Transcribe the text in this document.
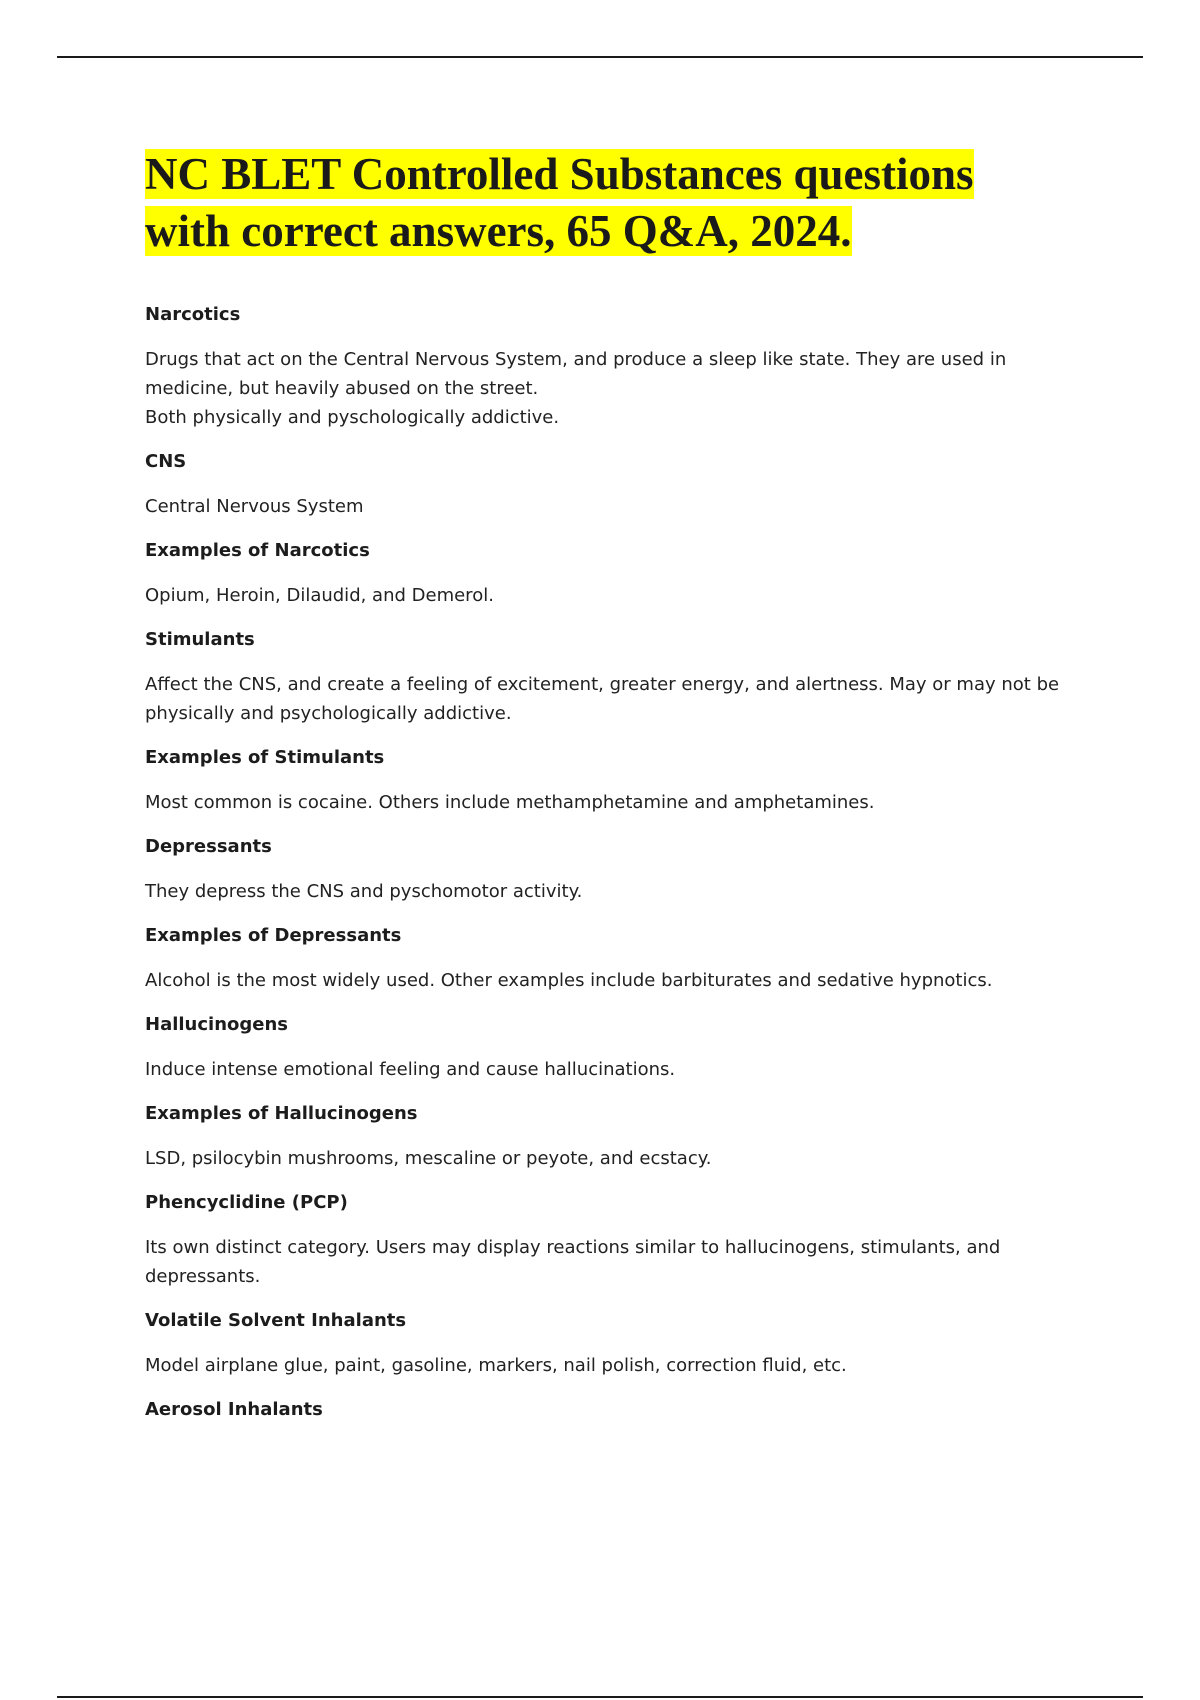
NC BLET Controlled Substances questions
with correct answers, 65 Q&A, 2024.

Narcotics

Drugs that act on the Central Nervous System, and produce a sleep like state. They are used in medicine, but heavily abused on the street.
Both physically and pyschologically addictive.

CNS

Central Nervous System

Examples of Narcotics

Opium, Heroin, Dilaudid, and Demerol.

Stimulants

Affect the CNS, and create a feeling of excitement, greater energy, and alertness. May or may not be physically and psychologically addictive.

Examples of Stimulants

Most common is cocaine. Others include methamphetamine and amphetamines.

Depressants

They depress the CNS and pyschomotor activity.

Examples of Depressants

Alcohol is the most widely used. Other examples include barbiturates and sedative hypnotics.

Hallucinogens

Induce intense emotional feeling and cause hallucinations.

Examples of Hallucinogens

LSD, psilocybin mushrooms, mescaline or peyote, and ecstacy.

Phencyclidine (PCP)

Its own distinct category. Users may display reactions similar to hallucinogens, stimulants, and depressants.

Volatile Solvent Inhalants

Model airplane glue, paint, gasoline, markers, nail polish, correction fluid, etc.

Aerosol Inhalants
